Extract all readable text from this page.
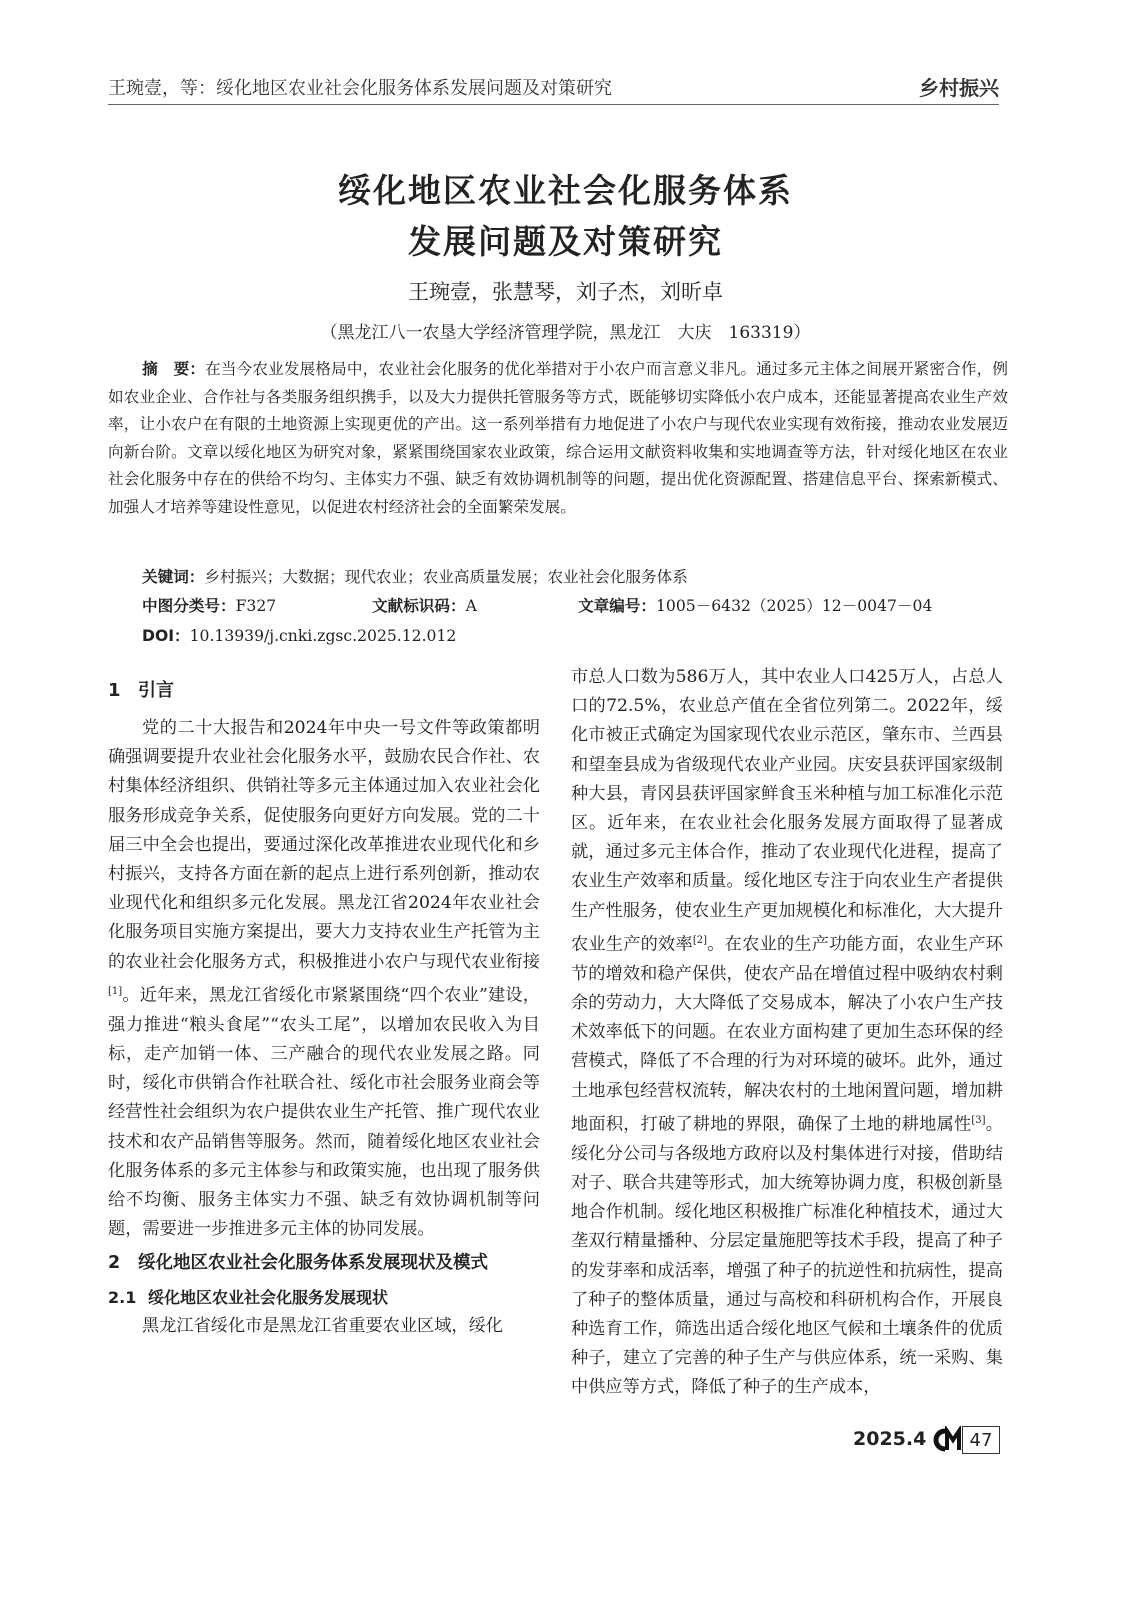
王琬壹，等：绥化地区农业社会化服务体系发展问题及对策研究	乡村振兴
绥化地区农业社会化服务体系
发展问题及对策研究
王琬壹，张慧琴，刘子杰，刘昕卓
（黑龙江八一农垦大学经济管理学院，黑龙江　大庆　163319）
摘　要：在当今农业发展格局中，农业社会化服务的优化举措对于小农户而言意义非凡。通过多元主体之间展开紧密合作，例如农业企业、合作社与各类服务组织携手，以及大力提供托管服务等方式，既能够切实降低小农户成本，还能显著提高农业生产效率，让小农户在有限的土地资源上实现更优的产出。这一系列举措有力地促进了小农户与现代农业实现有效衔接，推动农业发展迈向新台阶。文章以绥化地区为研究对象，紧紧围绕国家农业政策，综合运用文献资料收集和实地调查等方法，针对绥化地区在农业社会化服务中存在的供给不均匀、主体实力不强、缺乏有效协调机制等的问题，提出优化资源配置、搭建信息平台、探索新模式、加强人才培养等建设性意见，以促进农村经济社会的全面繁荣发展。
关键词：乡村振兴；大数据；现代农业；农业高质量发展；农业社会化服务体系
中图分类号：F327	文献标识码：A	文章编号：1005－6432（2025）12－0047－04
DOI：10.13939/j.cnki.zgsc.2025.12.012
1 引言

党的二十大报告和2024年中央一号文件等政策都明确强调要提升农业社会化服务水平，鼓励农民合作社、农村集体经济组织、供销社等多元主体通过加入农业社会化服务形成竞争关系，促使服务向更好方向发展。党的二十届三中全会也提出，要通过深化改革推进农业现代化和乡村振兴，支持各方面在新的起点上进行系列创新，推动农业现代化和组织多元化发展。黑龙江省2024年农业社会化服务项目实施方案提出，要大力支持农业生产托管为主的农业社会化服务方式，积极推进小农户与现代农业衔接[1]。近年来，黑龙江省绥化市紧紧围绕“四个农业”建设，强力推进“粮头食尾”“农头工尾”，以增加农民收入为目标，走产加销一体、三产融合的现代农业发展之路。同时，绥化市供销合作社联合社、绥化市社会服务业商会等经营性社会组织为农户提供农业生产托管、推广现代农业技术和农产品销售等服务。然而，随着绥化地区农业社会化服务体系的多元主体参与和政策实施，也出现了服务供给不均衡、服务主体实力不强、缺乏有效协调机制等问题，需要进一步推进多元主体的协同发展。

2 绥化地区农业社会化服务体系发展现状及模式
2.1 绥化地区农业社会化服务发展现状

黑龙江省绥化市是黑龙江省重要农业区域，绥化

市总人口数为586万人，其中农业人口425万人，占总人口的72.5%，农业总产值在全省位列第二。2022年，绥化市被正式确定为国家现代农业示范区，肇东市、兰西县和望奎县成为省级现代农业产业园。庆安县获评国家级制种大县，青冈县获评国家鲜食玉米种植与加工标准化示范区。近年来，在农业社会化服务发展方面取得了显著成就，通过多元主体合作，推动了农业现代化进程，提高了农业生产效率和质量。绥化地区专注于向农业生产者提供生产性服务，使农业生产更加规模化和标准化，大大提升农业生产的效率[2]。在农业的生产功能方面，农业生产环节的增效和稳产保供，使农产品在增值过程中吸纳农村剩余的劳动力，大大降低了交易成本，解决了小农户生产技术效率低下的问题。在农业方面构建了更加生态环保的经营模式，降低了不合理的行为对环境的破坏。此外，通过土地承包经营权流转，解决农村的土地闲置问题，增加耕地面积，打破了耕地的界限，确保了土地的耕地属性[3]。绥化分公司与各级地方政府以及村集体进行对接，借助结对子、联合共建等形式，加大统筹协调力度，积极创新垦地合作机制。绥化地区积极推广标准化种植技术，通过大垄双行精量播种、分层定量施肥等技术手段，提高了种子的发芽率和成活率，增强了种子的抗逆性和抗病性，提高了种子的整体质量，通过与高校和科研机构合作，开展良种选育工作，筛选出适合绥化地区气候和土壤条件的优质种子，建立了完善的种子生产与供应体系，统一采购、集中供应等方式，降低了种子的生产成本，

2025.4	47
